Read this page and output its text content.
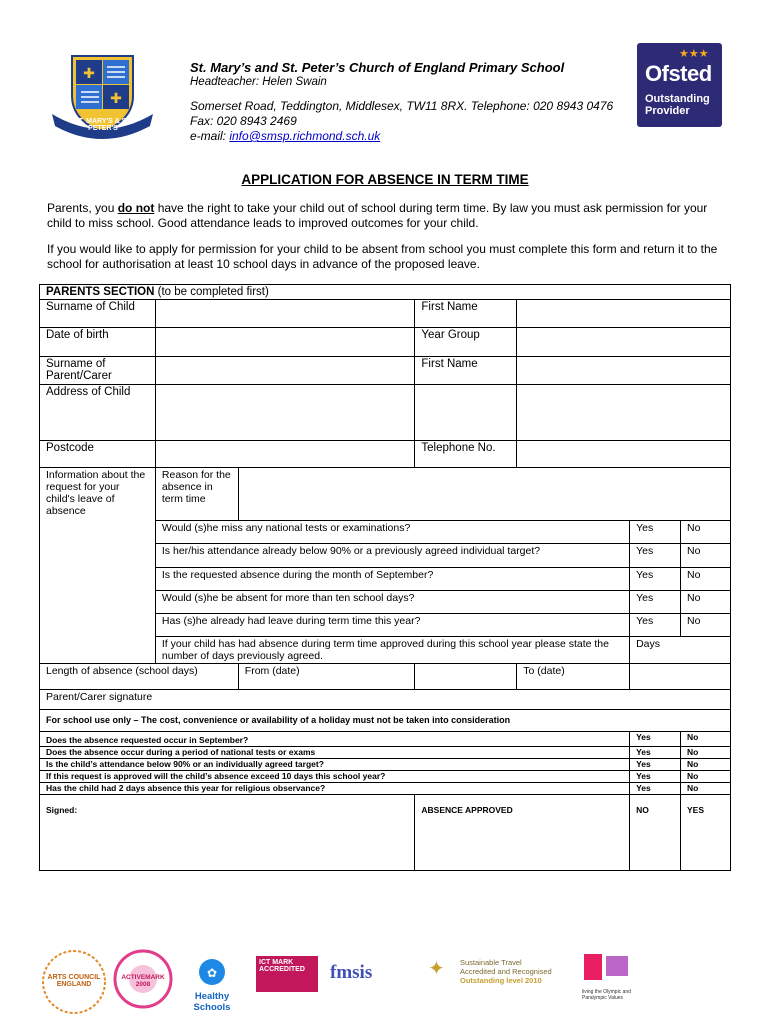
✚
✚
ST. MARY'S & ST. PETER'S
St. Mary’s and St. Peter’s Church of England Primary School
Headteacher: Helen Swain
Somerset Road, Teddington, Middlesex, TW11 8RX. Telephone: 020 8943 0476 Fax: 020 8943 2469
e-mail: info@smsp.richmond.sch.uk
★★★
Ofsted
Outstanding
Provider
APPLICATION FOR ABSENCE IN TERM TIME
Parents, you do not have the right to take your child out of school during term time. By law you must ask permission for your child to miss school. Good attendance leads to improved outcomes for your child.
If you would like to apply for permission for your child to be absent from school you must complete this form and return it to the school for authorisation at least 10 school days in advance of the proposed leave.
PARENTS SECTION (to be completed first)						
Surname of Child			First Name			
Date of birth			Year Group			
Surname of Parent/Carer			First Name			
Address of Child						
Postcode			Telephone No.			
Information about the request for your child's leave of absence	Reason for the absence in term time					
	Would (s)he miss any national tests or examinations?				Yes	No
	Is her/his attendance already below 90% or a previously agreed individual target?				Yes	No
	Is the requested absence during the month of September?				Yes	No
	Would (s)he be absent for more than ten school days?				Yes	No
	Has (s)he already had leave during term time this year?				Yes	No
	If your child has had absence during term time approved during this school year please state the number of days previously agreed.				Days	
Length of absence (school days)		From (date)		To (date)		
Parent/Carer signature						
For school use only – The cost, convenience or availability of a holiday must not be taken into consideration						
Does the absence requested occur in September?					Yes	No
Does the absence occur during a period of national tests or exams					Yes	No
Is the child’s attendance below 90% or an individually agreed target?					Yes	No
If this request is approved will the child’s absence exceed 10 days this school year?					Yes	No
Has the child had 2 days absence this year for religious observance?					Yes	No
Signed:			ABSENCE APPROVED		NO	YES
ARTS COUNCIL ENGLAND
ACTIVEMARK 2008
✿
Healthy Schools
ICT MARK ACCREDITED	fmsis	✦	Sustainable Travel
Accredited and Recognised
Outstanding level 2010
living the Olympic and Paralympic Values
